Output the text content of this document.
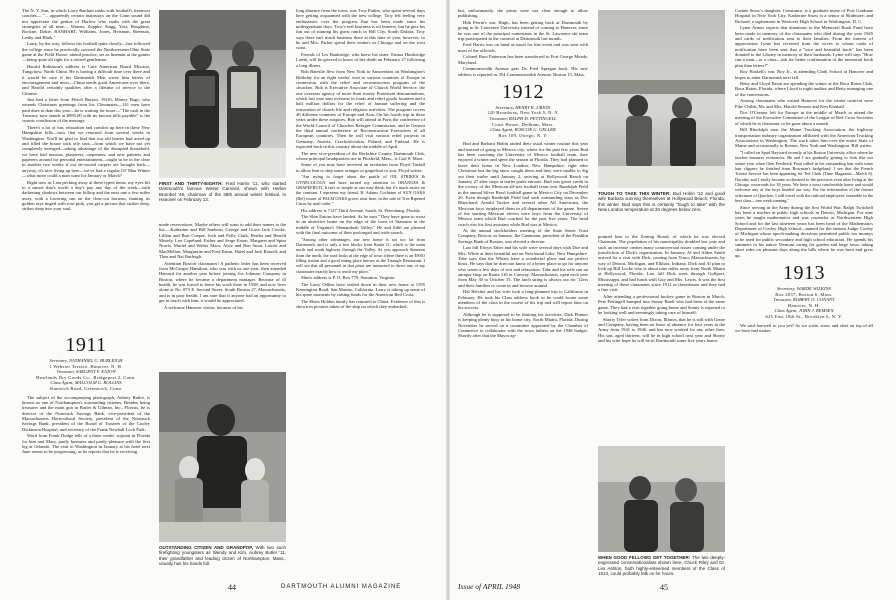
The N. Y. Sun, in which Larry Banhart ranks with football's foremost coaches— "... apparently certain mainstays on the Conn sound did not appreciate the genius of Harlow who ranks with the great strategists of all time— Warner, Zuppke, Stagg, Yost, Houghton, Rockne, Dobie, BANHART, Williams, Jones, Heisman, Bierman, Leahy and Blaik."

Larry, by the way, follows his football quite closely—has followed the college since he practically covered the Northwestern-Ohio State game at the Field House, attend practice, set as lineman at the games—being quite all right for a retired gentleman.

Harold Robinson's address is Care American Board Mission, Tungchow, North China. He is having a difficult time over there and it would be nice if his Dartmouth Men wrote him letters of encouragement and news—China needs good Americans over there, and Harold certainly qualifies after a lifetime of service to the Chinese.

Just had a letter from Fletch Burton, 1910's Money Bags, who extends Christmas greetings from his Classmates—141 men have paid dues to date this year—he is waiting for more—"The cash in the Treasury now stands at $985.00 with no known bills payable" is the cosmic conclusion of the message.

There's a lot of fun, relaxation and comfort up here in these New Hampshire hills—now that we returned from several weeks in Washington. You'll be glad to find that our old burner had acted up and filled the house with oily soot—from which we have not yet completely emerged—taking advantage of the disrupted household, we have had masons, plasterers, carpenters, and new painters and paperers around for personal entertainment—ought to be in the clear in another two weeks if our de-sooted carpets are brought back—anyway, it's nice living up here—we've had a regular Ol' Man Winter—what more could a man want for January or March?

Right now as I am pecking away at these typed items, my eyes lift to a sunset that's worth a day's pay any day of the week—with darkening shadows between our hilltop and the next one a few miles away, with a lowering sun on the clear-cut horizon, fanning its golden rays tinged with rose pink, you get a picture that strikes deep, strikes deep into your soul.

1911
Secretary, NATHANIEL G. BURLEIGH
1 Webster Terrace, Hanover, N. H.
Treasurer, SARGENT F. EATON
Howlands Dry Goods Co., Bridgeport 2, Conn.
Class Agent, MALCOLM G. ROLLINS
Stanwich Road, Greenwich, Conn.

The subject of the accompanying photograph, Aubrey Butler, is known as one of Northampton's outstanding citizens. Besides being treasurer and the main gun in Butler & Ullman, Inc., Florists, he is director of the Nonotuck Savings Bank, vice-president of the Massachusetts Horticultural Society, president of the Nonotuck Savings Bank, president of the Board of Trustees of the Cooley Dickinson Hospital, and secretary of the Frank Newhall Lock Park.

Word from Frank Dodge tells of a three weeks' sojourn in Florida for him and Mary, partly business and partly pleasure with the first leg at Orlando. The visit to Washington in January at his hotel next June seems to be progressing, as he reports that he is receiving

FIRST AND THIRTY-EIGHTH: Fred Harris '11, who started Dartmouth's famous Winter Carnival, shown with Harlan Brumbel '48, chairman of the 38th annual winter festival, in Hanover on February 13.

made reservations. Maybe others will want to add their names to the list.—Katharine and Bill Sanborn, George and Grace Jack Crocke, Lillian and Burt Cooper, Josh and Polly Clark, Bertha and Harold Mosely, Leo Copeland, Esther and Serge Eaton, Margaret and Spim Norris, Muriel and Walter Marx, Alice and Ben Stout, Louise and MacMellon, Marguerite and Fred Eaton, Hazel and Jack Russell, and Thea and Nat Burleigh.

Attention Boston classmates! A pathetic letter has been received from McGregor Hamilton, who was with us one year, then attended Harvard for another year before joining Jos Johnson Company in Boston, where he became a department manager. Because of ill health, he was forced to leave his work there in 1938, and now lives alone at No. 873 E. Second Street, South Boston 27, Massachusetts, and is in poor health. I am sure that if anyone had an opportunity to get in touch with him, it would be appreciated.

A welcome Hanover visitor, because of his

OUTSTANDING CITIZEN AND GRANDPOP, With two such firefighting youngsters as Wendy and Kim, Aubrey Butler '11, their grandfather and leading citizen of Northampton, Mass., usually has his hands full.

long absence from the town, was Troy Parker, who spent several days here getting acquainted with the new college. Troy left feeling very enthusiastic over the progress that has been made since his undergraduate days. Troy's real business is oil burners, but he gets his fun out of running his guest ranch in Hill City, South Dakota. Troy says there isn't much business there at this time of year, however, so he and Mrs. Parker spend their winters in Chicago and on the west coast.

Friends of Les Haukridge, who knew his sister, Emma Hawkridge Lomb, will be grieved to know of her death on February 27 following a long illness.

Bob Bateslie flew from New York to Amsterdam on Washington's Birthday for an eight weeks' visit to various countries of Europe in connection with the relief and reconstruction program of the churches. Bob is Executive Associate of Church World Service, the one overseas agency of more than twenty Protestant denominations, which last year sent overseas in foods and relief goods fourteen and a half million dollars for the relief of human suffering and the restoration of church life and religious activities. The program covers 40 different countries of Europe and Asia. On his fourth trip in three years under these auspices, Bob will attend in Paris the conference of the World Council of Churches Refugee Commission, and in Geneva the third annual conference of Reconstruction Executives of all European countries. Then he will visit various relief projects in Germany, Austria, Czechoslovakia, Poland, and Finland. He is expected back in this country about the middle of April.

The new vice-president of the Berkshire County Dartmouth Club, whose principal headquarters are in Pittsfield, Mass., is Carl S. Moor.

Some of you may have received an invitation from Floyd Tindall to allow him to ship some oranges or grapefruit to you. Floyd writes:

"Am trying to forget about the prattle of OIL STRIKES & GYNECOLOGY and have turned my attention to ORANGES & GRAPEFRUIT. It isn't so simple as one may think, but it's much easier on the cranium. I represent my friend, R. Adams Cochrane of SUN OAKS (Ret) owner of PALM OAKS grove, near here, in the sale of Tree Ripened Citrus by mail order."

His address is 7127 Third Avenue, South, St. Petersburg, Florida.

The Slim Eatons have landed. As he says "They have gone to roost in an attractive home on the edge of the town of Staunton in the middle of Virginia's Shenandoah Valley." He and Sibil are pleased with the final outcome of their prolonged and wide search.

"Among other advantages, our new home is not too far from Dartmouth, and is only a few blocks from Route 11, which is the main north and south highway through the Valley. As you approach Staunton from the north, the road looks at the edge of town where there is an ESSO filling station and a good eating place known as the Triangle Restaurant. I will see that all personnel in that place are instructed to direct any of my classmates exactly how to reach my place."

Slim's address is P. O. Box 779, Staunton, Virginia.

The Larry Odlins have settled down in their new home at 1595 Kensington Road, San Marino, California. Larry is taking up some of his spare moments by raising funds for the American Red Cross.

The Ebers Holden family has returned to China. Evidence of this is shown in pictures taken of the ship on which they embarked,

44	DARTMOUTH ALUMNI MAGAZINE

but, unfortunately, the prints were not clear enough to allow publishing.

Hub Perrin's son, Hugh, has been getting back at Dartmouth by going to St. Lawrence University instead of coming to Hanover, since he was one of the principal contestants in the St. Lawrence ski team trip participated in the carnival at Dartmouth last month.

Fred Harris was on hand as usual for this event and was seen with most of the officials.

Colonel Russ Patterson has been transferred to Fort George Meade, Maryland.

Commonwealth Avenue gets Dr. Fred Sprague back. His new address is reported as 354 Commonwealth Avenue, Boston 15, Mass.

1912
Secretary, HENRY K. URION
120 Broadway, New York 5, N. Y.
Treasurer, RALPH D. PETTINGELL
Court House, Dedham, Mass.
Class Agent, ROSCOE G. GELLER
Box 109, Owego, N. Y.

Bud and Barbara Hobin raided their usual winter routine this year and instead of going to Mexico city, where for the past few years Bud has been coaching the University of Mexico football team, they enjoyed a winter and spent the season in Florida. They had planned to leave their home in New London, New Hampshire, right after Christmas but the big snow caught them and they were unable to dig out their trailer until January 2, arriving at Hollywood Beach on January 27 after stops at trailer parks enroute. Bud was given credit in the victory of the Mexican all-star football team over Randolph Field in the annual Silver Bowl football game in Mexico City on December 20. Even though Randolph Field had such outstanding stars as Doc Blanchard, Arnold Tucker and several other All Americans, the Mexican boys outplayed them in all departments of the game. Seven of the starting Mexican eleven were boys from the University of Mexico team which Bud coached for the past five years. The head coach was his first assistant while Bud was at Mexico.

At the annual stockholders meeting of the State Street Trust Company, Boston, in January, Ike Cammann, president of the Franklin Savings Bank of Boston, was elected a director.

Last fall Elwyn Taber and his wife were several days with Doe and Mrs. White at their beautiful inn on Newfound Lake, New Hampshire. Tabe says that the Whites have a wonderful place and are perfect hosts. He says that he does not know of a better place to go for anyone who wants a few days of rest and relaxation. Tabe and his wife run an antique shop on Route 116 in Conway, Massachusetts, open each year from May 30 to October 15. The latch string is always out for '12ers and their families to come in and browse around.

Hal Belcher and his wife took a long-planned trip to California in February. He took his Class address book so he could locate some members of the class in the course of his trip and will report later on his success.

Although he is supposed to be limiting his activities, Dick Plumer is keeping plenty busy in his home city, North Miami, Florida. During November he served on a committee appointed by the Chamber of Commerce to collaborate with the town fathers on the 1948 budget. Shortly after that the Mayor ap-

TOUGH TO TAKE THIS WINTER: Bud Hobin '12 and good wife Barbara sunning themselves at Hollywood Beach, Florida, this winter. Bud says this is certainly "tough to take" with the New London temperature at 20 degrees below zero.

pointed him to the Zoning Board, of which he was elected Chairman. The population of his municipality doubled last year and such an increase creates many controversial issues coming under the jurisdiction of Dick's organization. In January, Al and Alden Smith arrived for a visit with Dick, coming from Truro, Massachusetts, by way of Detroit, Michigan, and Elkhart, Indiana. Dick and Al plan to look up Bill Locke who is about nine miles away from North Miami at Hollywood, Florida. Last fall Dick went through Gulfport, Mississippi, and had lunch with Guy and Mrs. Lewis. It was the first meeting of these classmates since 1912 or thereabouts and they had a fine visit.

After attending a professional hockey game in Boston in March, Pete Pettingell bumped into Sonny Buell who had been at the same game. They had a visit together going home and Sonny is reported to be looking well and seemingly taking care of himself.

Shorty Tyler writes from Dixon, Illinois, that he is still with Genie and Company, having been on leave of absence for four years in the Army from 1941 to 1946, and has now worked for any other firm. His son, aged thirteen, will be in high school next year and Shorty and his wife hope he will be in Dartmouth some five years hence.

WHEN GOOD FELLOWS GET TOGETHER: The two deeply-engrossed conversationalists shown here, Chuck Riley and Dr. Les Ashton, both highly-esteemed members of the Class of 1913, could probably talk on for hours.

Connie Snow's daughter, Constance, is a graduate nurse of Post Graduate Hospital in New York City. Katherine Snow is a senior at Skidmore; and Richard, a sophomore in Westover High School in Washington, D. C.

Lyme Armes reports that donations to the Memorial Book Fund have been made in memory of the classmates who died during the year 1945 and cards of notification sent to their families. From the interest of appreciation Lyme has received from the wives to whom cards of notification have been sent that a "nice and beautiful book" has been donated to the Library in memory of their husbands. Lyme will says "How can a man—or a class—ask for better confirmation of the memorial book plan than letters?"

Roy Haskell's son, Roy Jr., is attending Clark School at Hanover and hopes to enter Dartmouth next fall.

Betty and Lloyd Eaton are spending the winter at the Boca Raton Club, Boca Raton, Florida, where Lloyd is night auditor and Betty managing one of the concessions.

Among classmates who visited Hanover for the winter carnival were Pike Childs, Mr. and Mrs. Harold Stearns and Ken Kimball.

Doc O'Connor left for Europe in the middle of March to attend the meeting of the Executive Committee of the League of Red Cross Societies of which he is chairman, to be gone about a month.

Bill Rhodolph runs the Maine Trucking Association, the highway transportation industry organization affiliated with the American Trucking Associations in Washington. The work takes him over the entire State of Maine and occasionally to Boston, New York and Washington. Bill writes:

"I called on Spud Hayward recently at his Boston University office where he teaches business economics. He and I are gradually getting to look like our senior year when Glen Frederick Fruit called in his outstanding hair with some hair clippers he finished from Bowman's hedgeland. I see that the French Tourist Service has been appearing for Ted Clark (Time Magazine—March 8). Dorothy and I easily became acclimated to the precincts even after living at the Chicago crossroads for 18 years. We have a most comfortable home and would welcome any of the boys headed our way. For the information of the former selectmen of Quechee, I still travel with the railroad employees' timetable in the best class—one week running."

Since serving in the Army during the first World War, Ralph Twitchell has been a teacher in public high schools in Detroit, Michigan. For nine years he taught mathematics and was counselor at Northwestern High School and for the last nineteen years has been head of the Mathematics Department of Cooley High School—named for the famous Judge Cooley of Michigan whose epoch-making decisions permitted public tax moneys to be used for public secondary and high school education. He spends his summers in his native Vermont caring for garden and large lawn, taking short rides on pleasant days along the hills where he was born and grew up.

1913
Secretary, WARDE WILKINS
Box 2057, Boston 6, Mass.
Treasurer, ROBERT O. CONANT
Hanover, N. H.
Class Agent, JOHN J. REMSEN
625 East 18th St., Brooklyn 6, N. Y.

We said farewell to you yet? As we write, snow and sleet on top of all we have had makes

Issue of APRIL 1948	45
